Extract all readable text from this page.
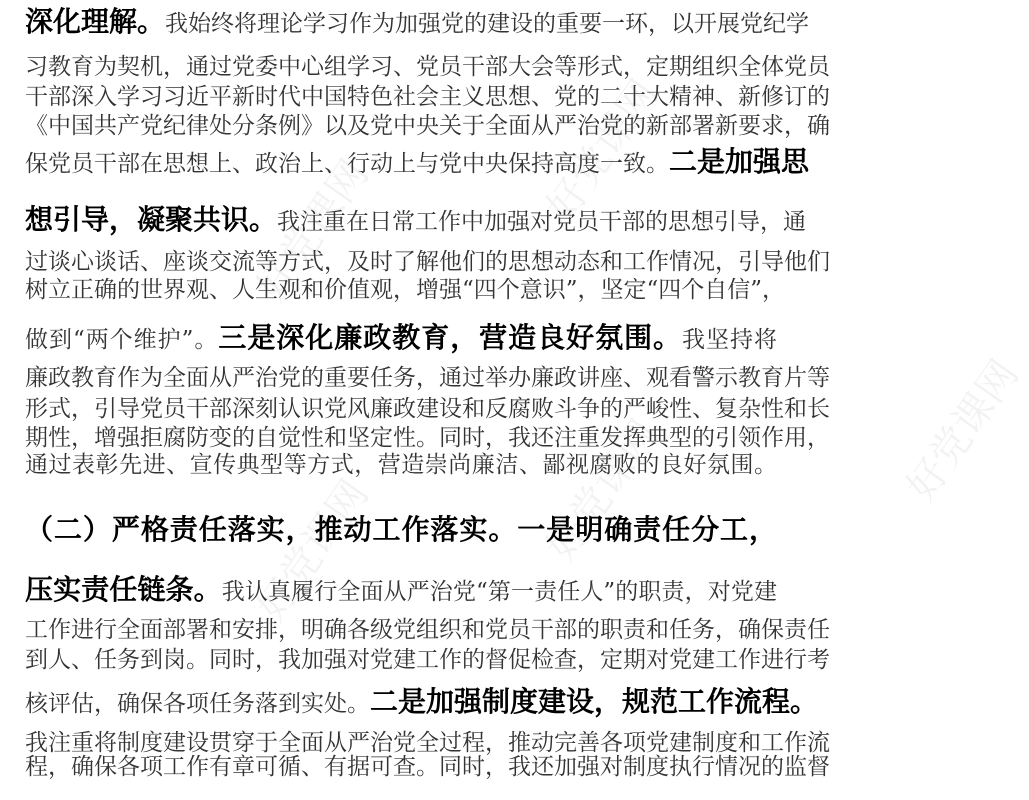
好党课网
好党课网
好党课网	好党课网	好党课网
深化理解。我始终将理论学习作为加强党的建设的重要一环，以开展党纪学
习教育为契机，通过党委中心组学习、党员干部大会等形式，定期组织全体党员
干部深入学习习近平新时代中国特色社会主义思想、党的二十大精神、新修订的
《中国共产党纪律处分条例》以及党中央关于全面从严治党的新部署新要求，确
保党员干部在思想上、政治上、行动上与党中央保持高度一致。二是加强思
想引导，凝聚共识。我注重在日常工作中加强对党员干部的思想引导，通
过谈心谈话、座谈交流等方式，及时了解他们的思想动态和工作情况，引导他们
树立正确的世界观、人生观和价值观，增强“四个意识”，坚定“四个自信”，
做到“两个维护”。三是深化廉政教育，营造良好氛围。我坚持将
廉政教育作为全面从严治党的重要任务，通过举办廉政讲座、观看警示教育片等
形式，引导党员干部深刻认识党风廉政建设和反腐败斗争的严峻性、复杂性和长
期性，增强拒腐防变的自觉性和坚定性。同时，我还注重发挥典型的引领作用，
通过表彰先进、宣传典型等方式，营造崇尚廉洁、鄙视腐败的良好氛围。
（二）严格责任落实，推动工作落实。一是明确责任分工，
压实责任链条。我认真履行全面从严治党“第一责任人”的职责，对党建
工作进行全面部署和安排，明确各级党组织和党员干部的职责和任务，确保责任
到人、任务到岗。同时，我加强对党建工作的督促检查，定期对党建工作进行考
核评估，确保各项任务落到实处。二是加强制度建设，规范工作流程。
我注重将制度建设贯穿于全面从严治党全过程，推动完善各项党建制度和工作流
程，确保各项工作有章可循、有据可查。同时，我还加强对制度执行情况的监督
